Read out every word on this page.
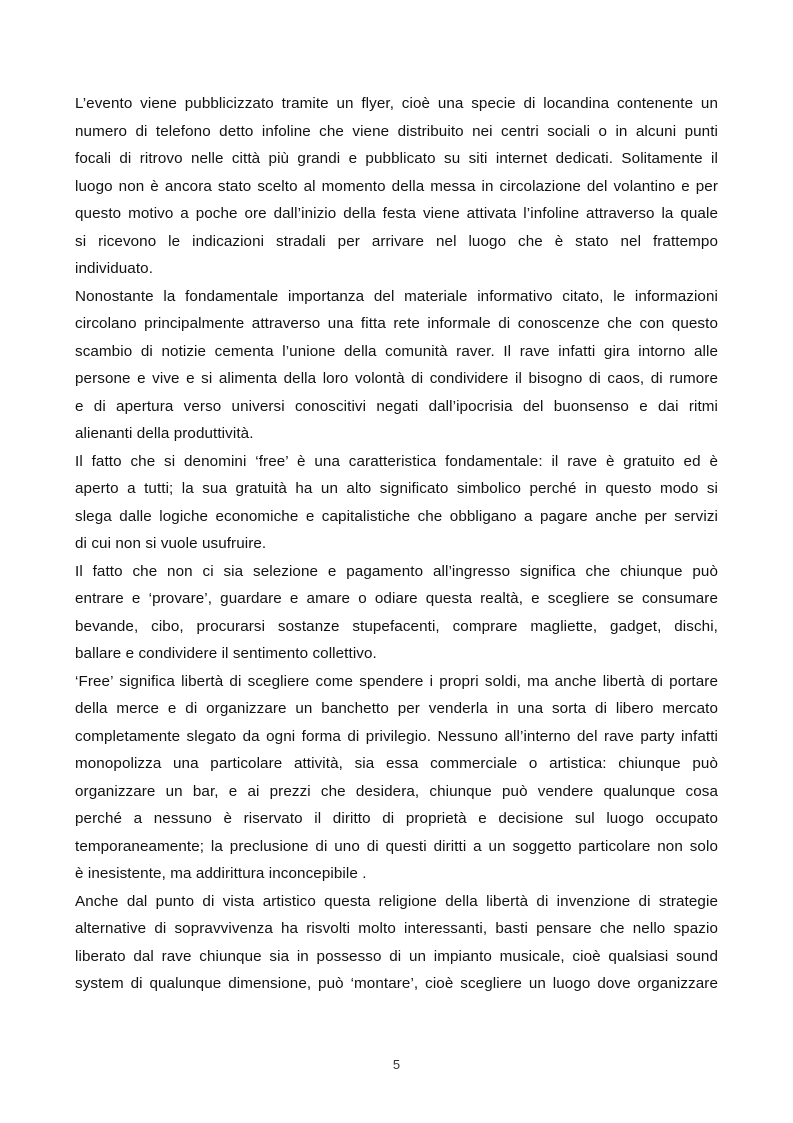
L’evento viene pubblicizzato tramite un flyer, cioè una specie di locandina contenente un
numero di telefono detto infoline che viene distribuito nei centri sociali o in alcuni punti
focali di ritrovo nelle città più grandi e pubblicato su siti internet dedicati. Solitamente il
luogo non è ancora stato scelto al momento della messa in circolazione del volantino e per
questo motivo a poche ore dall’inizio della festa viene attivata l’infoline attraverso la quale
si ricevono le indicazioni stradali per arrivare nel luogo che è stato nel frattempo
individuato.

Nonostante la fondamentale importanza del materiale informativo citato, le informazioni
circolano principalmente attraverso una fitta rete informale di conoscenze che con questo
scambio di notizie cementa l’unione della comunità raver. Il rave infatti gira intorno alle
persone e vive e si alimenta della loro volontà di condividere il bisogno di caos, di rumore
e di apertura verso universi conoscitivi negati dall’ipocrisia del buonsenso e dai ritmi
alienanti della produttività.

Il fatto che si denomini ‘free’ è una caratteristica fondamentale: il rave è gratuito ed è
aperto a tutti; la sua gratuità ha un alto significato simbolico perché in questo modo si
slega dalle logiche economiche e capitalistiche che obbligano a pagare anche per servizi
di cui non si vuole usufruire.

Il fatto che non ci sia selezione e pagamento all’ingresso significa che chiunque può
entrare e ‘provare’, guardare e amare o odiare questa realtà, e scegliere se consumare
bevande, cibo, procurarsi sostanze stupefacenti, comprare magliette, gadget, dischi,
ballare e condividere il sentimento collettivo.

‘Free’ significa libertà di scegliere come spendere i propri soldi, ma anche libertà di portare
della merce e di organizzare un banchetto per venderla in una sorta di libero mercato
completamente slegato da ogni forma di privilegio. Nessuno all’interno del rave party infatti
monopolizza una particolare attività, sia essa commerciale o artistica: chiunque può
organizzare un bar, e ai prezzi che desidera, chiunque può vendere qualunque cosa
perché a nessuno è riservato il diritto di proprietà e decisione sul luogo occupato
temporaneamente; la preclusione di uno di questi diritti a un soggetto particolare non solo
è inesistente, ma addirittura inconcepibile .

Anche dal punto di vista artistico questa religione della libertà di invenzione di strategie
alternative di sopravvivenza ha risvolti molto interessanti, basti pensare che nello spazio
liberato dal rave chiunque sia in possesso di un impianto musicale, cioè qualsiasi sound
system di qualunque dimensione, può ‘montare’, cioè scegliere un luogo dove organizzare

5
